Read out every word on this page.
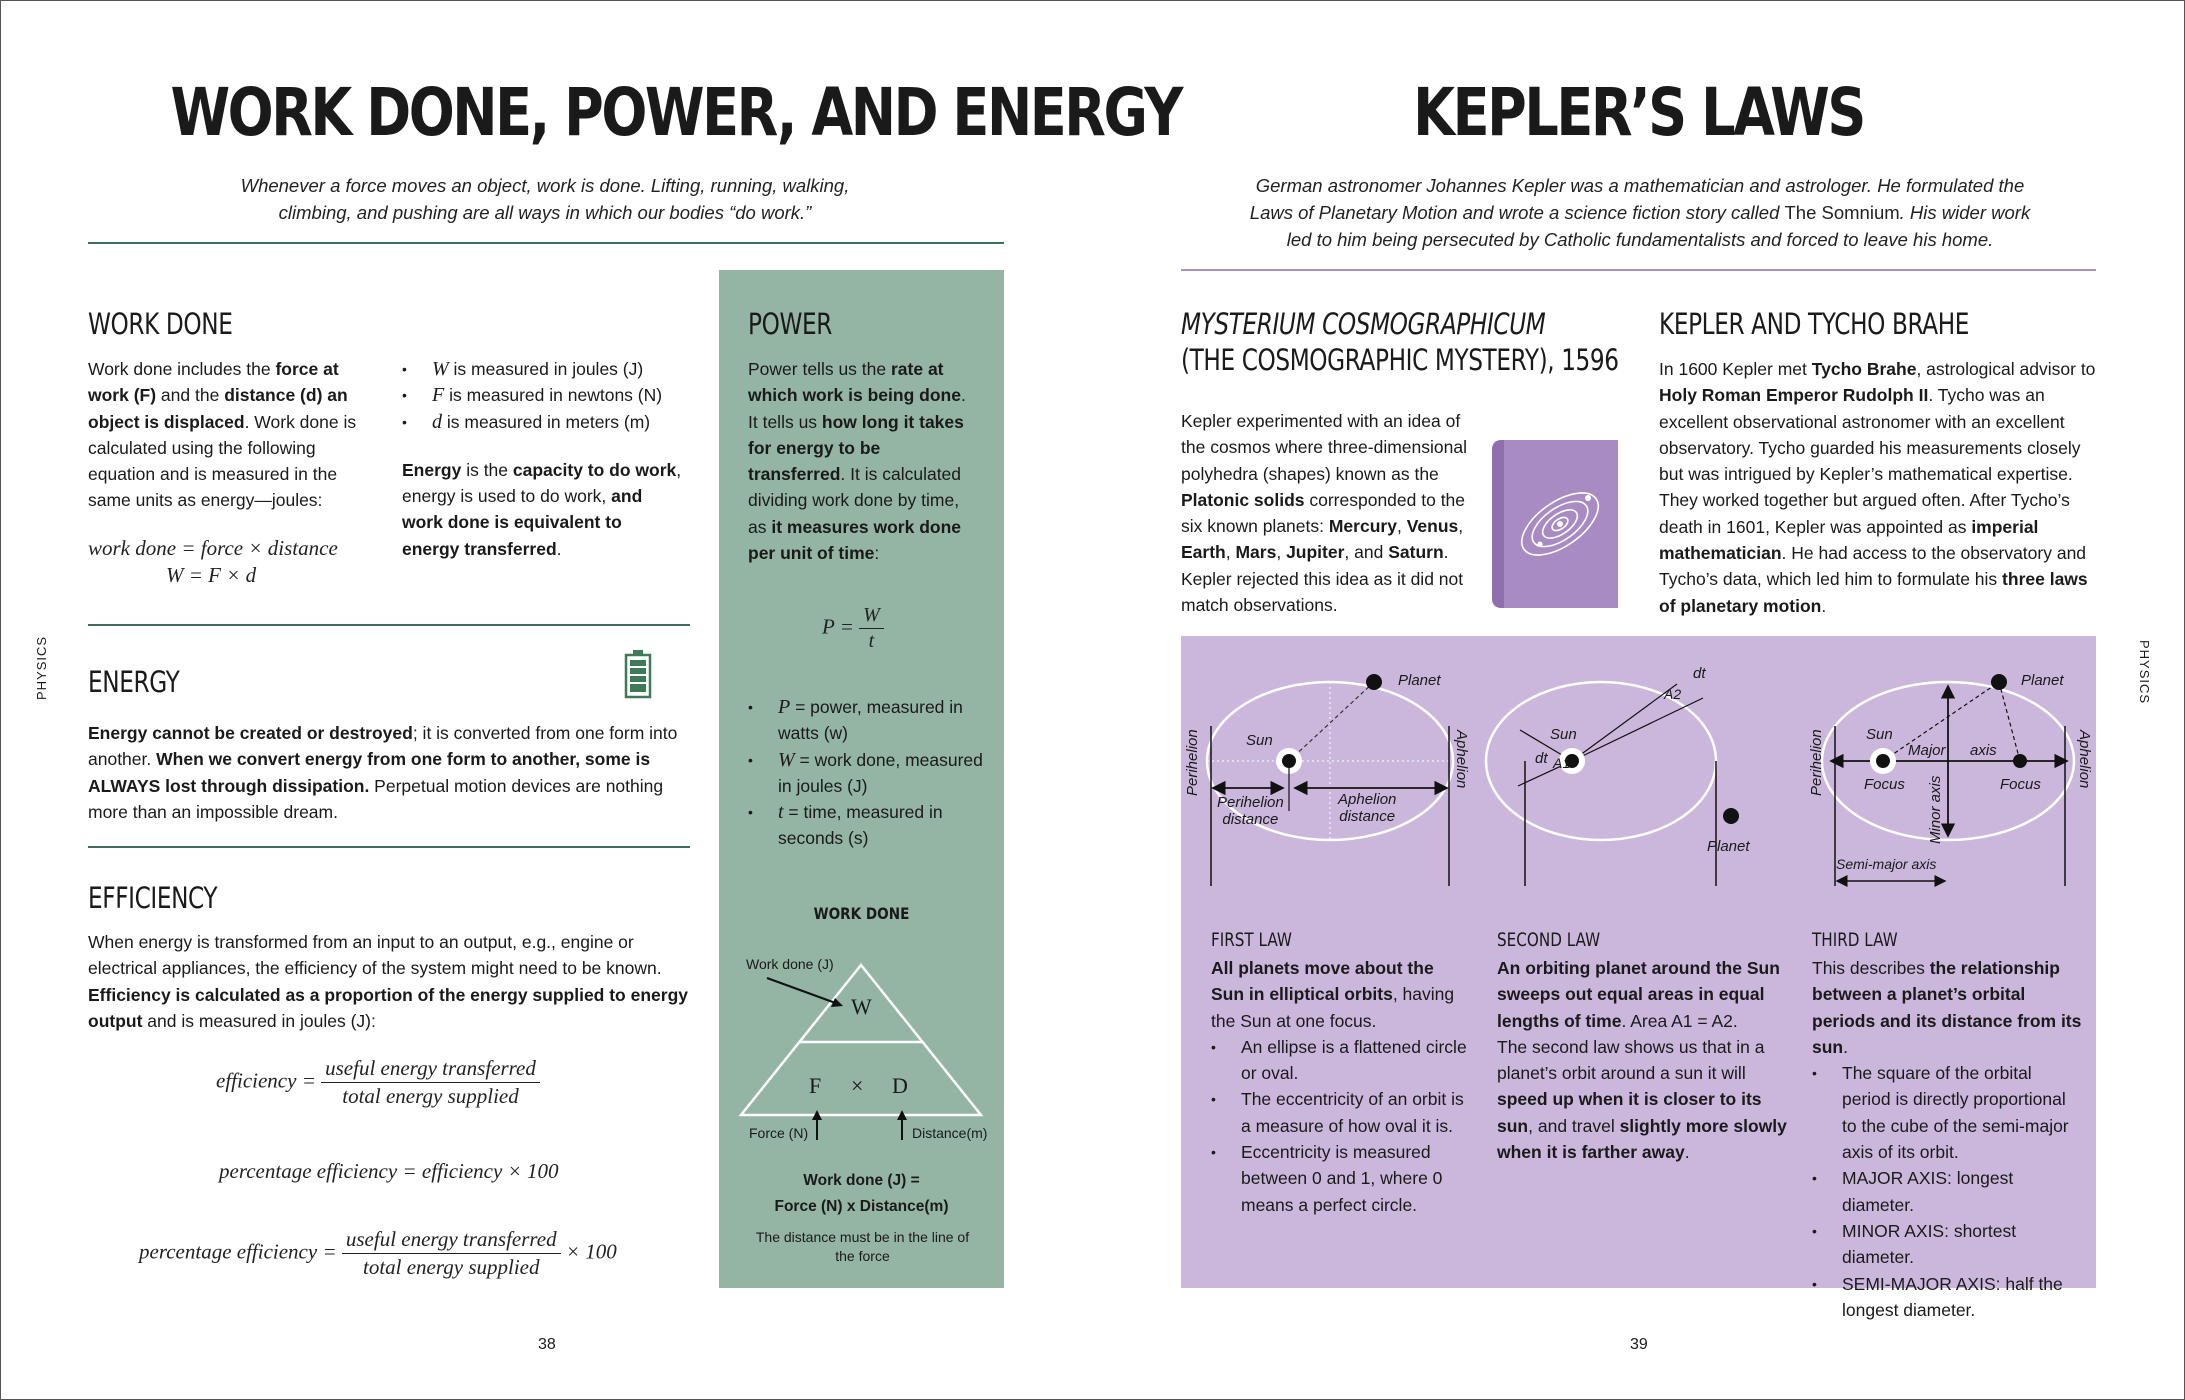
WORK DONE, POWER, AND ENERGY
Whenever a force moves an object, work is done. Lifting, running, walking,
climbing, and pushing are all ways in which our bodies “do work.”
PHYSICS
WORK DONE

Work done includes the force at work (F) and the distance (d) an object is displaced. Work done is calculated using the following equation and is measured in the same units as energy—joules:

work done = force × distance
W = F × d
• W is measured in joules (J)
• F is measured in newtons (N)
• d is measured in meters (m)

Energy is the capacity to do work, energy is used to do work, and work done is equivalent to energy transferred.

ENERGY

Energy cannot be created or destroyed; it is converted from one form into another. When we convert energy from one form to another, some is ALWAYS lost through dissipation. Perpetual motion devices are nothing more than an impossible dream.

EFFICIENCY

When energy is transformed from an input to an output, e.g., engine or electrical appliances, the efficiency of the system might need to be known. Efficiency is calculated as a proportion of the energy supplied to energy output and is measured in joules (J):

efficiency = $\frac{\text{useful energy transferred}}{\text{total energy supplied}}$
percentage efficiency = efficiency × 100
percentage efficiency = $\frac{\text{useful energy transferred}}{\text{total energy supplied}} \times 100$
POWER

Power tells us the rate at which work is being done. It tells us how long it takes for energy to be transferred. It is calculated dividing work done by time, as it measures work done per unit of time:

$P = \frac{W}{t}$
• P = power, measured in watts (w)
• W = work done, measured in joules (J)
• t = time, measured in seconds (s)
WORK DONE
Work done (J)
W
F × D
Force (N)	Distance(m)
Work done (J) =
Force (N) x Distance(m)
The distance must be in the line of the force
38
KEPLER’S LAWS
German astronomer Johannes Kepler was a mathematician and astrologer. He formulated the Laws of Planetary Motion and wrote a science fiction story called The Somnium. His wider work led to him being persecuted by Catholic fundamentalists and forced to leave his home.
PHYSICS
MYSTERIUM COSMOGRAPHICUM
(THE COSMOGRAPHIC MYSTERY), 1596

Kepler experimented with an idea of the cosmos where three-dimensional polyhedra (shapes) known as the Platonic solids corresponded to the six known planets: Mercury, Venus, Earth, Mars, Jupiter, and Saturn. Kepler rejected this idea as it did not match observations.

KEPLER AND TYCHO BRAHE

In 1600 Kepler met Tycho Brahe, astrological advisor to Holy Roman Emperor Rudolph II. Tycho was an excellent observational astronomer with an excellent observatory. Tycho guarded his measurements closely but was intrigued by Kepler’s mathematical expertise. They worked together but argued often. After Tycho’s death in 1601, Kepler was appointed as imperial mathematician. He had access to the observatory and Tycho’s data, which led him to formulate his three laws of planetary motion.

Planet
Sun
Perihelion	Aphelion
Perihelion
distance
Aphelion
distance
dt
A2
Sun
dt A1
Planet
Planet
Sun
Major axis
Perihelion	Aphelion
Focus	Focus
Minor axis
Semi-major axis
FIRST LAW

All planets move about the Sun in elliptical orbits, having the Sun at one focus.

• An ellipse is a flattened circle or oval.
• The eccentricity of an orbit is a measure of how oval it is.
• Eccentricity is measured between 0 and 1, where 0 means a perfect circle.
SECOND LAW

An orbiting planet around the Sun sweeps out equal areas in equal lengths of time. Area A1 = A2.

The second law shows us that in a planet’s orbit around a sun it will speed up when it is closer to its sun, and travel slightly more slowly when it is farther away.

THIRD LAW

This describes the relationship between a planet’s orbital periods and its distance from its sun.

• The square of the orbital period is directly proportional to the cube of the semi-major axis of its orbit.
• MAJOR AXIS: longest diameter.
• MINOR AXIS: shortest diameter.
• SEMI-MAJOR AXIS: half the longest diameter.
39
